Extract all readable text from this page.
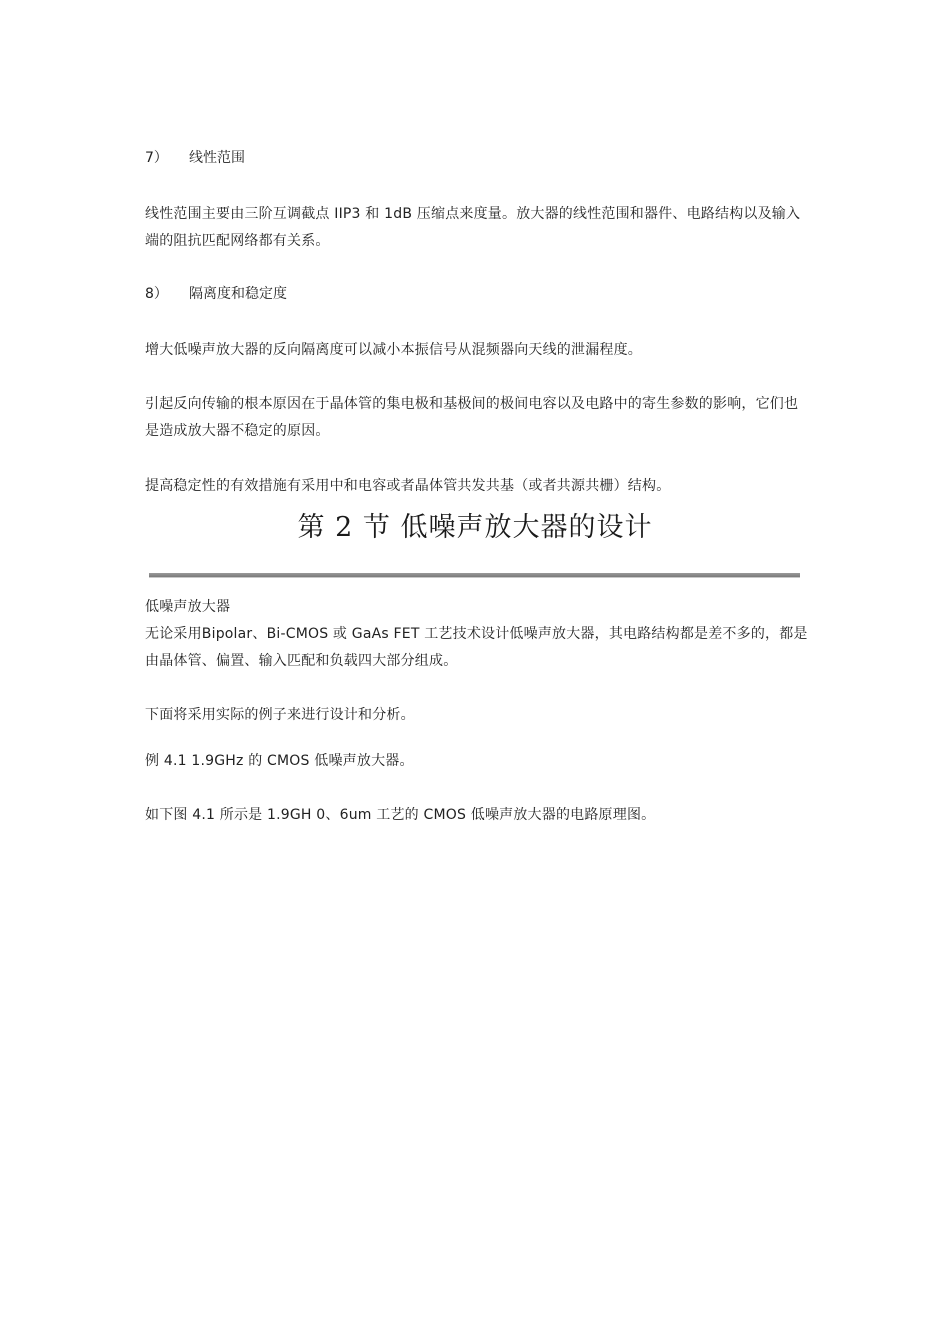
7） 线性范围
线性范围主要由三阶互调截点 IIP3 和 1dB 压缩点来度量。放大器的线性范围和器件、电路结构以及输入端的阻抗匹配网络都有关系。
8） 隔离度和稳定度
增大低噪声放大器的反向隔离度可以减小本振信号从混频器向天线的泄漏程度。
引起反向传输的根本原因在于晶体管的集电极和基极间的极间电容以及电路中的寄生参数的影响，它们也是造成放大器不稳定的原因。
提高稳定性的有效措施有采用中和电容或者晶体管共发共基（或者共源共栅）结构。
第 2 节 低噪声放大器的设计
低噪声放大器
无论采用Bipolar、Bi-CMOS 或 GaAs FET 工艺技术设计低噪声放大器，其电路结构都是差不多的，都是由晶体管、偏置、输入匹配和负载四大部分组成。
下面将采用实际的例子来进行设计和分析。
例 4.1 1.9GHz 的 CMOS 低噪声放大器。
如下图 4.1 所示是 1.9GH 0、6um 工艺的 CMOS 低噪声放大器的电路原理图。
